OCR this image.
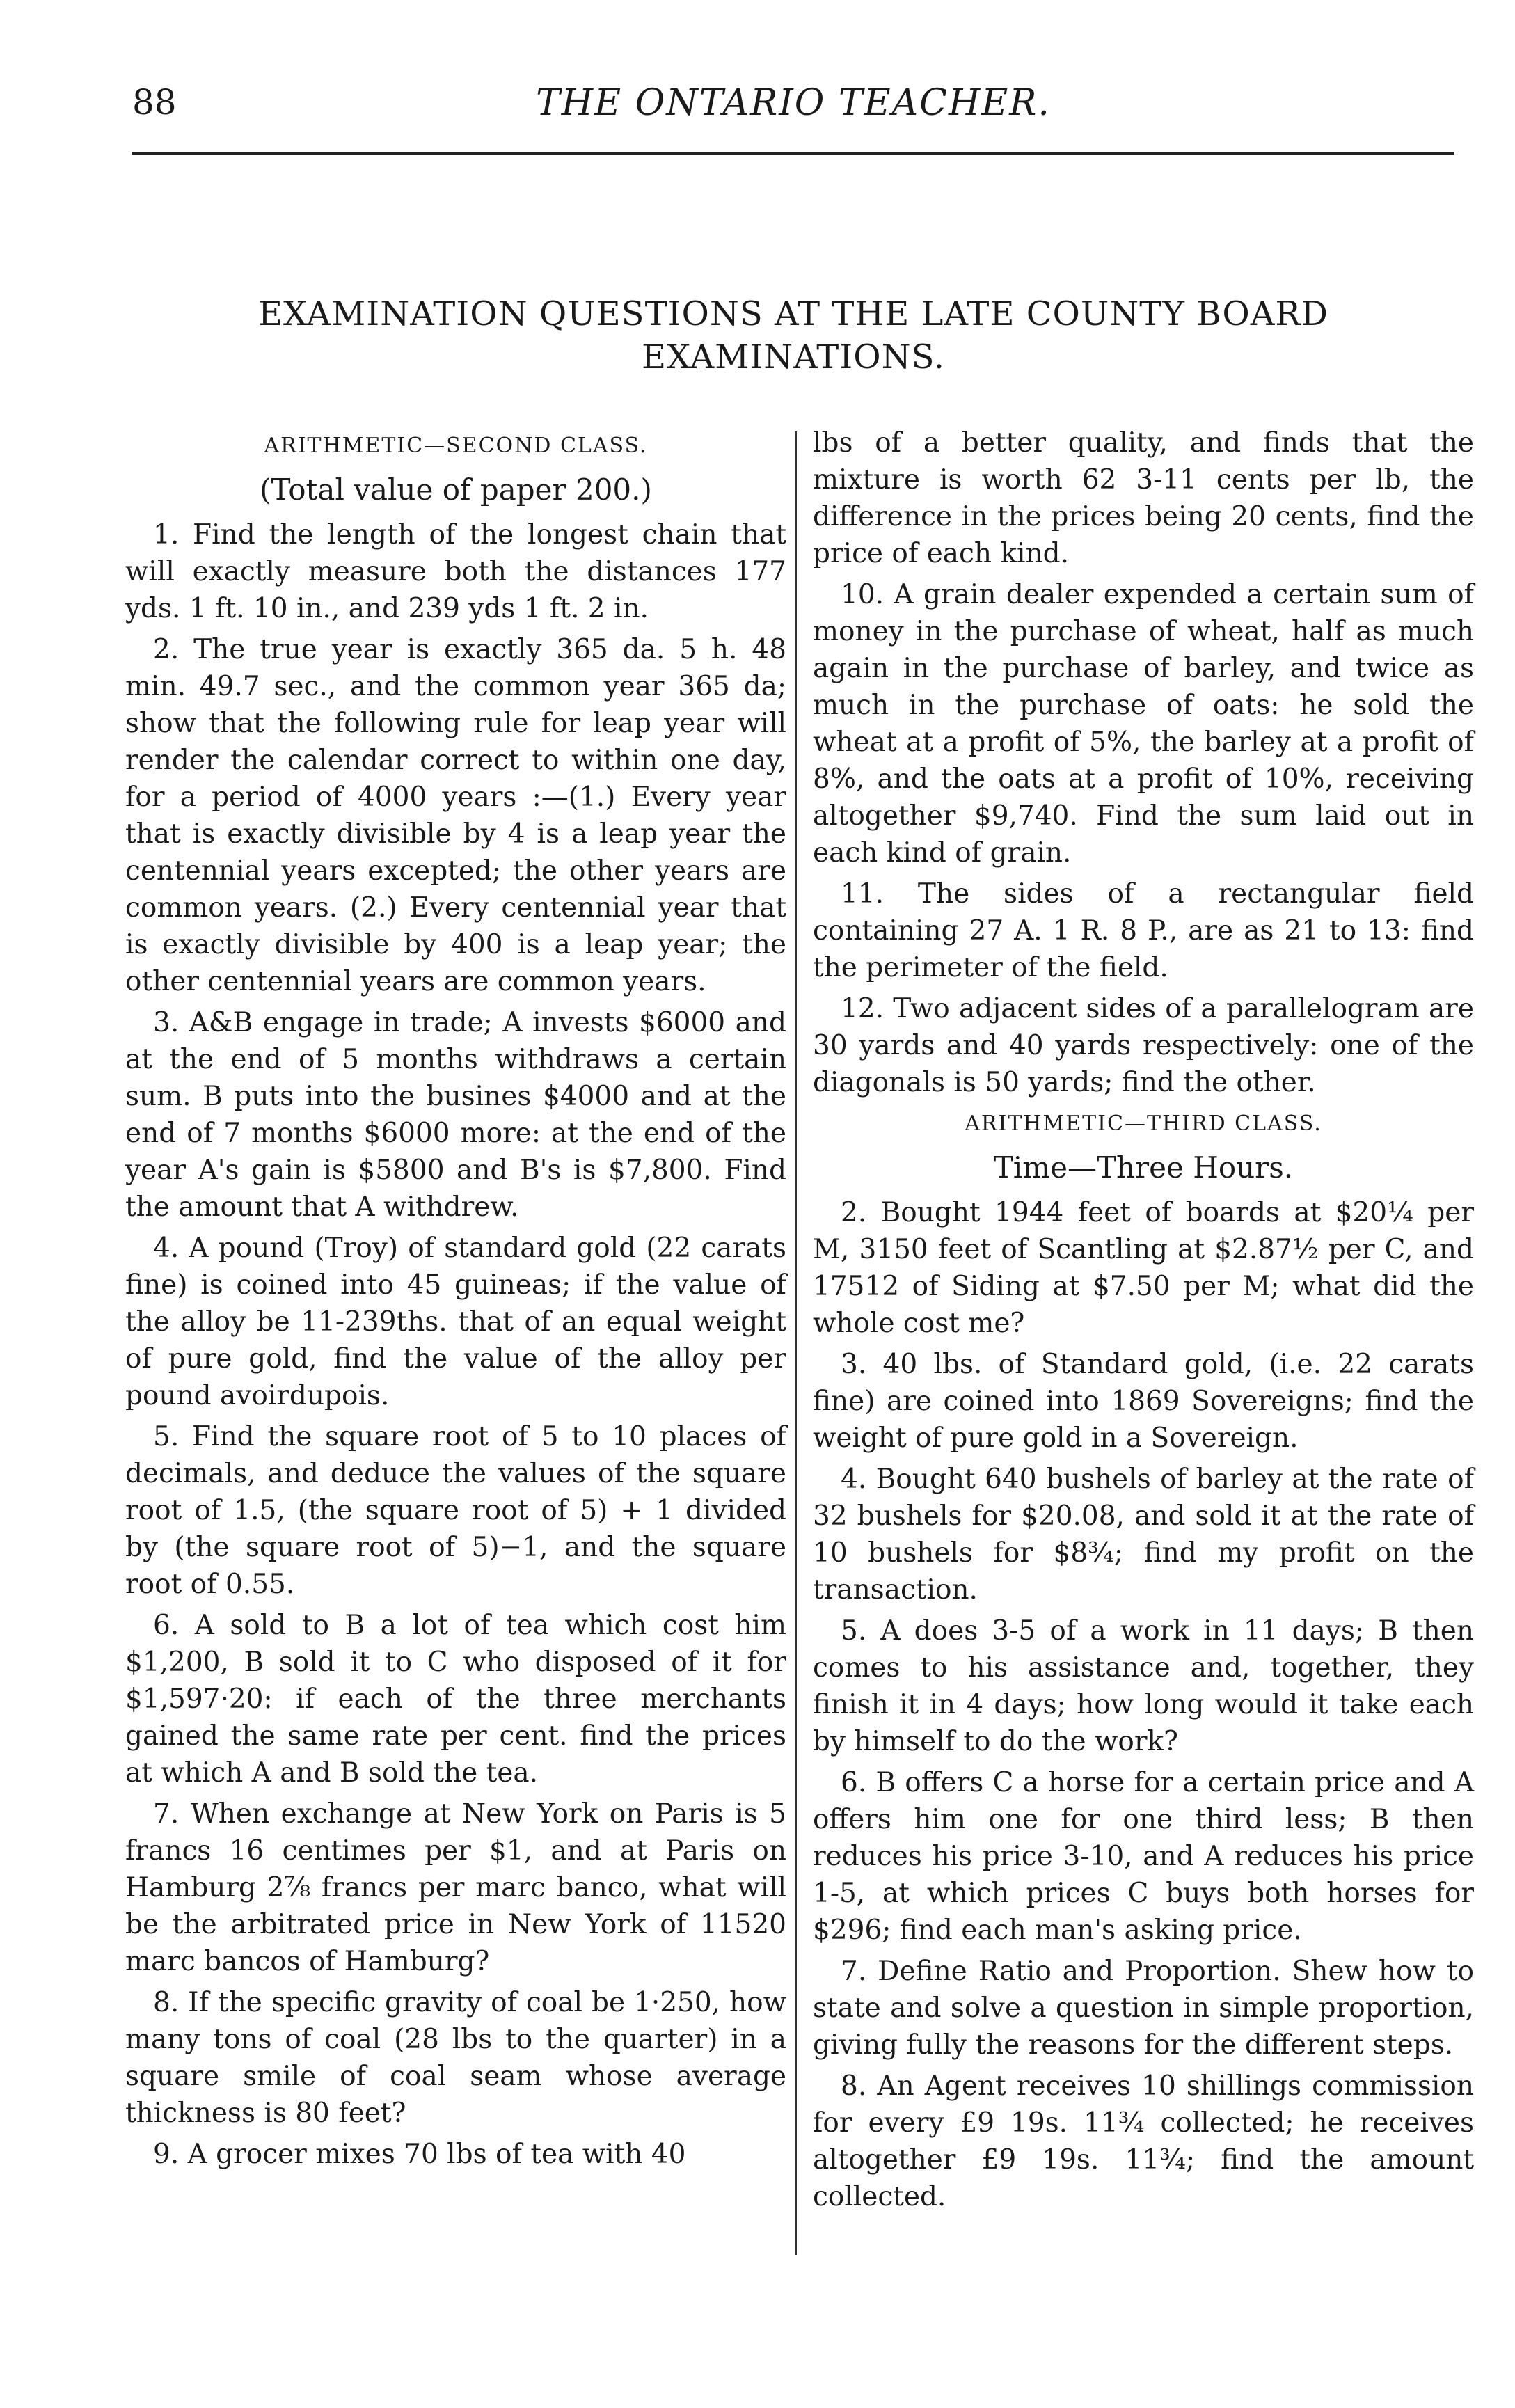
88	THE ONTARIO TEACHER.
EXAMINATION QUESTIONS AT THE LATE COUNTY BOARD EXAMINATIONS.
ARITHMETIC—SECOND CLASS.
(Total value of paper 200.)

1. Find the length of the longest chain that will exactly measure both the distances 177 yds. 1 ft. 10 in., and 239 yds 1 ft. 2 in.

2. The true year is exactly 365 da. 5 h. 48 min. 49.7 sec., and the common year 365 da; show that the following rule for leap year will render the calendar correct to within one day, for a period of 4000 years :—(1.) Every year that is exactly divisible by 4 is a leap year the centennial years excepted; the other years are common years. (2.) Every centennial year that is exactly divisible by 400 is a leap year; the other centennial years are common years.

3. A&B engage in trade; A invests $6000 and at the end of 5 months withdraws a certain sum. B puts into the busines $4000 and at the end of 7 months $6000 more: at the end of the year A's gain is $5800 and B's is $7,800. Find the amount that A withdrew.

4. A pound (Troy) of standard gold (22 carats fine) is coined into 45 guineas; if the value of the alloy be 11-239ths. that of an equal weight of pure gold, find the value of the alloy per pound avoirdupois.

5. Find the square root of 5 to 10 places of decimals, and deduce the values of the square root of 1.5, (the square root of 5) + 1 divided by (the square root of 5)−1, and the square root of 0.55.

6. A sold to B a lot of tea which cost him $1,200, B sold it to C who disposed of it for $1,597·20: if each of the three merchants gained the same rate per cent. find the prices at which A and B sold the tea.

7. When exchange at New York on Paris is 5 francs 16 centimes per $1, and at Paris on Hamburg 2⅞ francs per marc banco, what will be the arbitrated price in New York of 11520 marc bancos of Hamburg?

8. If the specific gravity of coal be 1·250, how many tons of coal (28 lbs to the quarter) in a square smile of coal seam whose average thickness is 80 feet?

9. A grocer mixes 70 lbs of tea with 40

lbs of a better quality, and finds that the mixture is worth 62 3-11 cents per lb, the difference in the prices being 20 cents, find the price of each kind.

10. A grain dealer expended a certain sum of money in the purchase of wheat, half as much again in the purchase of barley, and twice as much in the purchase of oats: he sold the wheat at a profit of 5%, the barley at a profit of 8%, and the oats at a profit of 10%, receiving altogether $9,740. Find the sum laid out in each kind of grain.

11. The sides of a rectangular field containing 27 A. 1 R. 8 P., are as 21 to 13: find the perimeter of the field.

12. Two adjacent sides of a parallelogram are 30 yards and 40 yards respectively: one of the diagonals is 50 yards; find the other.

ARITHMETIC—THIRD CLASS.
Time—Three Hours.

2. Bought 1944 feet of boards at $20¼ per M, 3150 feet of Scantling at $2.87½ per C, and 17512 of Siding at $7.50 per M; what did the whole cost me?

3. 40 lbs. of Standard gold, (i.e. 22 carats fine) are coined into 1869 Sovereigns; find the weight of pure gold in a Sovereign.

4. Bought 640 bushels of barley at the rate of 32 bushels for $20.08, and sold it at the rate of 10 bushels for $8¾; find my profit on the transaction.

5. A does 3-5 of a work in 11 days; B then comes to his assistance and, together, they finish it in 4 days; how long would it take each by himself to do the work?

6. B offers C a horse for a certain price and A offers him one for one third less; B then reduces his price 3-10, and A reduces his price 1-5, at which prices C buys both horses for $296; find each man's asking price.

7. Define Ratio and Proportion. Shew how to state and solve a question in simple proportion, giving fully the reasons for the different steps.

8. An Agent receives 10 shillings commission for every £9 19s. 11¾ collected; he receives altogether £9 19s. 11¾; find the amount collected.
